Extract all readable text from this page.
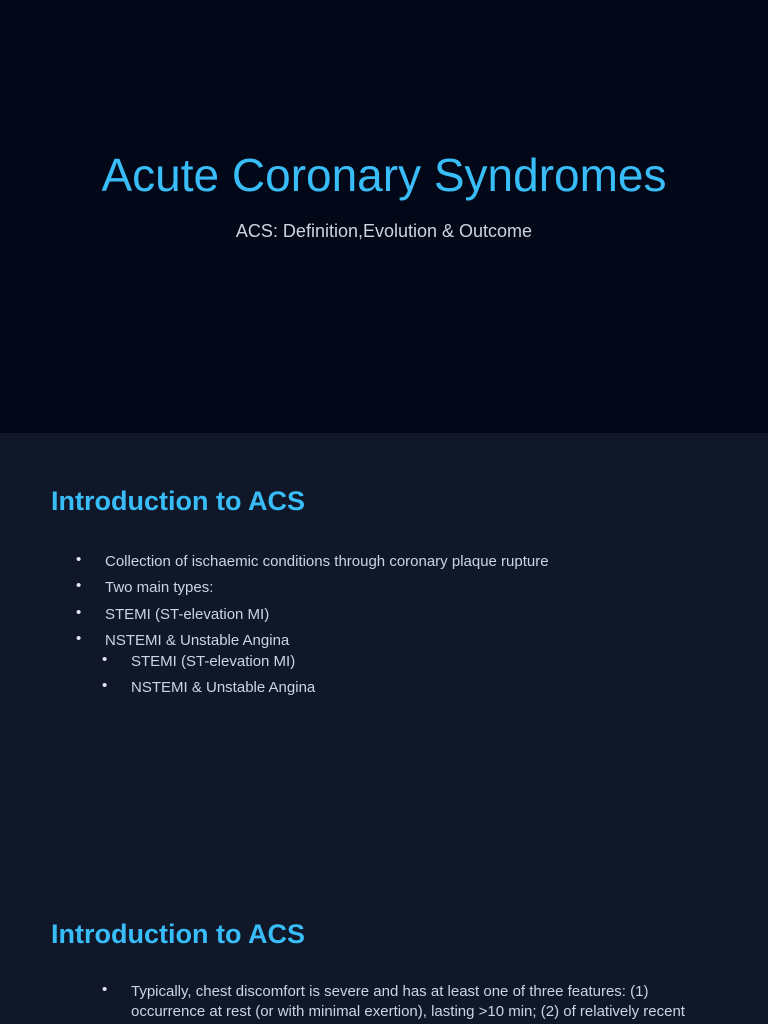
Acute Coronary Syndromes
ACS: Definition,Evolution & Outcome
Introduction to ACS
• Collection of ischaemic conditions through coronary plaque rupture
• Two main types:
• STEMI (ST-elevation MI)
• NSTEMI & Unstable Angina
• STEMI (ST-elevation MI)
• NSTEMI & Unstable Angina
Introduction to ACS
• Typically, chest discomfort is severe and has at least one of three features: (1) occurrence at rest (or with minimal exertion), lasting >10 min; (2) of relatively recent
